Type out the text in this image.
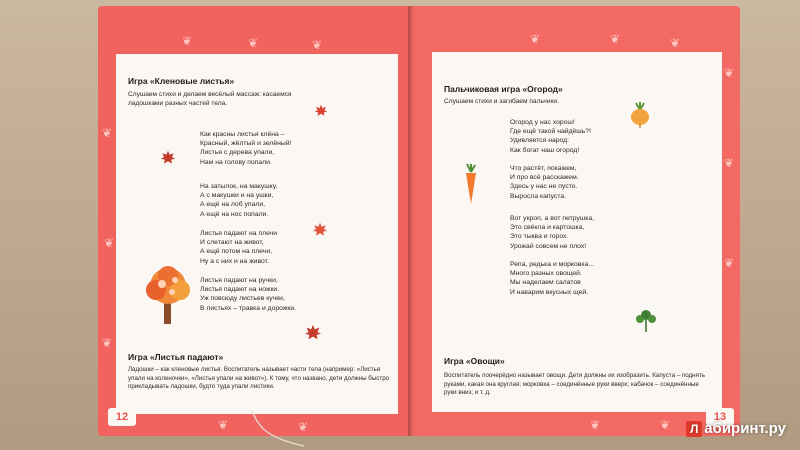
❦	❦	❦
❦
❦
❦
❦	❦
Игра «Кленовые листья»
Слушаем стихи и делаем весёлый массаж: касаемся ладошками разных частей тела.
Как красны листья клёна –
Красный, жёлтый и зелёный!
Листья с дерева упали,
Нам на голову попали.
На затылок, на макушку,
А с макушки и на ушки,
А ещё на лоб упали,
А ещё на нос попали.
Листья падают на плечи
И слетают на живот,
А ещё потом на плечи,
Ну а с них и на живот.
Листья падают на ручки,
Листья падают на ножки.
Уж повсюду листьев кучки,
В листьях – травка и дорожки.
Игра «Листья падают»
Ладошки – как кленовые листья. Воспитатель называет части тела (например: «Листья упали на коленочки», «Листья упали на живот»). К тому, что названо, дети должны быстро прикладывать ладошки, будто туда упали листики.
12
❦	❦	❦
❦
❦
❦
❦	❦
Пальчиковая игра «Огород»
Слушаем стихи и загибаем пальчики.
Огород у нас хорош!
Где ещё такой найдёшь?!
Удивляется народ:
Как богат наш огород!
Что растёт, покажем,
И про всё расскажем.
Здесь у нас не пусто.
Выросла капуста.
Вот укроп, а вот петрушка,
Это свёкла и картошка,
Это тыква и горох.
Урожай совсем не плох!
Репа, редька и морковка...
Много разных овощей.
Мы наделаем салатов
И наварим вкусных щей.
Игра «Овощи»
Воспитатель поочерёдно называет овощи. Дети должны их изобразить. Капуста – поднять руками, какая она круглая; морковка – соединённые руки вверх; кабачок – соединённые руки вниз; и т. д.
13
Л абиринт.ру
